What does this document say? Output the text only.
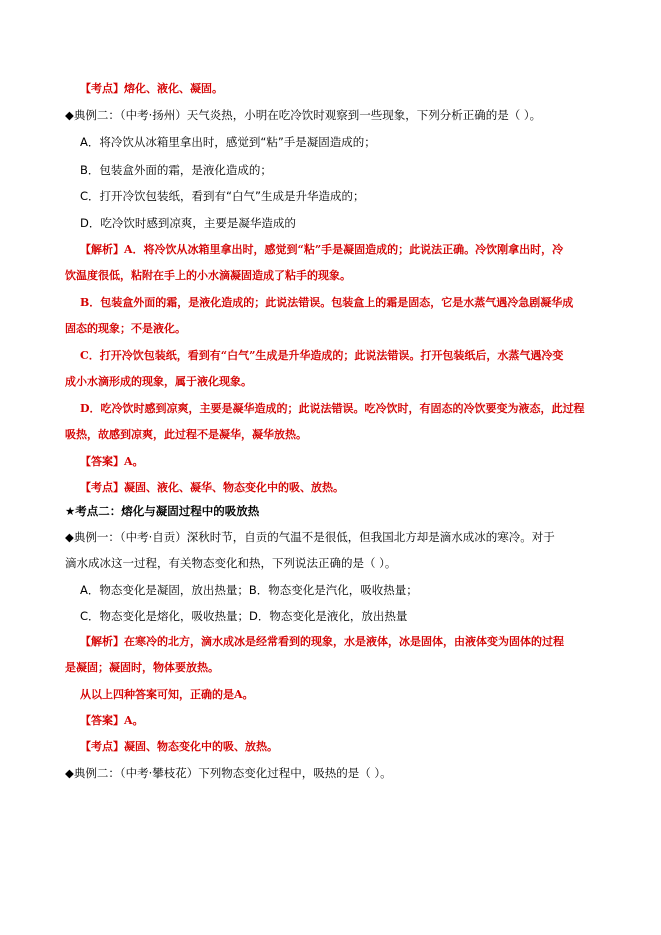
【考点】熔化、液化、凝固。
◆典例二：（中考·扬州）天气炎热，小明在吃冷饮时观察到一些现象，下列分析正确的是（ ）。
A．将冷饮从冰箱里拿出时，感觉到“粘”手是凝固造成的；
B．包装盒外面的霜，是液化造成的；
C．打开冷饮包装纸，看到有“白气”生成是升华造成的；
D．吃冷饮时感到凉爽，主要是凝华造成的
【解析】A．将冷饮从冰箱里拿出时，感觉到“粘”手是凝固造成的；此说法正确。冷饮刚拿出时，冷
饮温度很低，粘附在手上的小水滴凝固造成了粘手的现象。
B．包装盒外面的霜，是液化造成的；此说法错误。包装盒上的霜是固态，它是水蒸气遇冷急剧凝华成
固态的现象；不是液化。
C．打开冷饮包装纸，看到有“白气”生成是升华造成的；此说法错误。打开包装纸后，水蒸气遇冷变
成小水滴形成的现象，属于液化现象。
D．吃冷饮时感到凉爽，主要是凝华造成的；此说法错误。吃冷饮时，有固态的冷饮要变为液态，此过程
吸热，故感到凉爽，此过程不是凝华，凝华放热。
【答案】A。
【考点】凝固、液化、凝华、物态变化中的吸、放热。
★考点二：熔化与凝固过程中的吸放热
◆典例一：（中考·自贡）深秋时节，自贡的气温不是很低，但我国北方却是滴水成冰的寒冷。对于
滴水成冰这一过程，有关物态变化和热，下列说法正确的是（ ）。
A．物态变化是凝固，放出热量；B．物态变化是汽化，吸收热量；
C．物态变化是熔化，吸收热量；D．物态变化是液化，放出热量
【解析】在寒冷的北方，滴水成冰是经常看到的现象，水是液体，冰是固体，由液体变为固体的过程
是凝固；凝固时，物体要放热。
从以上四种答案可知，正确的是A。
【答案】A。
【考点】凝固、物态变化中的吸、放热。
◆典例二：（中考·攀枝花）下列物态变化过程中，吸热的是（ ）。
